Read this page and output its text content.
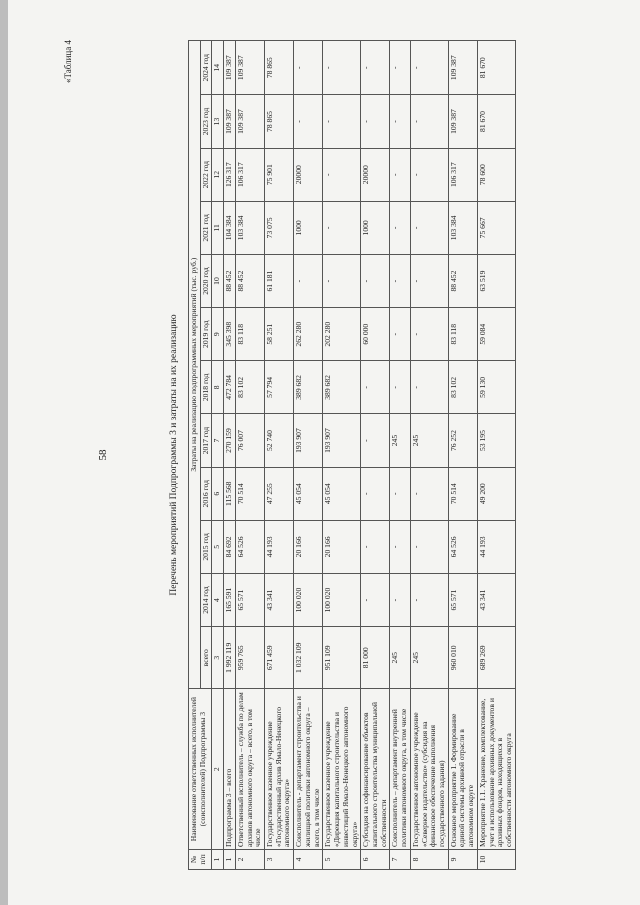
«Таблица 4
58	Перечень мероприятий Подпрограммы 3 и затраты на их реализацию
№ п/п	Наименование ответственных исполнителей (соисполнителей) Подпрограммы 3	Затраты на реализацию подпрограммных мероприятий (тыс. руб.)											
		всего	2014 год	2015 год	2016 год	2017 год	2018 год	2019 год	2020 год	2021 год	2022 год	2023 год	2024 год
1	2	3	4	5	6	7	8	9	10	11	12	13	14
1	Подпрограмма 3 – всего	1 992 119	165 591	84 692	115 568	270 159	472 784	345 398	88 452	104 384	126 317	109 387	109 387
2	Ответственный исполнитель – служба по делам архивов автономного округа – всего, в том числе	959 765	65 571	64 526	70 514	76 007	83 102	83 118	88 452	103 384	106 317	109 387	109 387
3	Государственное казенное учреждение «Государственный архив Ямало-Ненецкого автономного округа»	671 459	43 341	44 193	47 255	52 740	57 794	58 251	61 181	73 075	75 901	78 865	78 865
4	Соисполнитель - департамент строительства и жилищной политики автономного округа – всего, в том числе	1 032 109	100 020	20 166	45 054	193 907	389 682	262 280	-	1000	20000	-	-
5	Государственное казенное учреждение «Дирекция капитального строительства и инвестиций Ямало-Ненецкого автономного округа»	951 109	100 020	20 166	45 054	193 907	389 682	202 280	-	-	-	-	-
6	Субсидия на софинансирование объектов капитального строительства муниципальной собственности	81 000	-	-	-	-	-	60 000	-	1000	20000	-	-
7	Соисполнитель – департамент внутренней политики автономного округа, в том числе	245	-	-	-	245	-	-	-	-	-	-	-
8	Государственное автономное учреждение «Северное издательство» (субсидия на финансовое обеспечение выполнения государственного задания)	245	-	-	-	245	-	-	-	-	-	-	-
9	Основное мероприятие 1. Формирование единой системы архивной отрасли в автономном округе	960 010	65 571	64 526	70 514	76 252	83 102	83 118	88 452	103 384	106 317	109 387	109 387
10	Мероприятие 1.1. Хранение, комплектование, учет и использование архивных документов и архивных фондов, находящихся в собственности автономного округа	689 269	43 341	44 193	49 200	53 195	59 130	59 084	63 519	75 667	78 600	81 670	81 670
